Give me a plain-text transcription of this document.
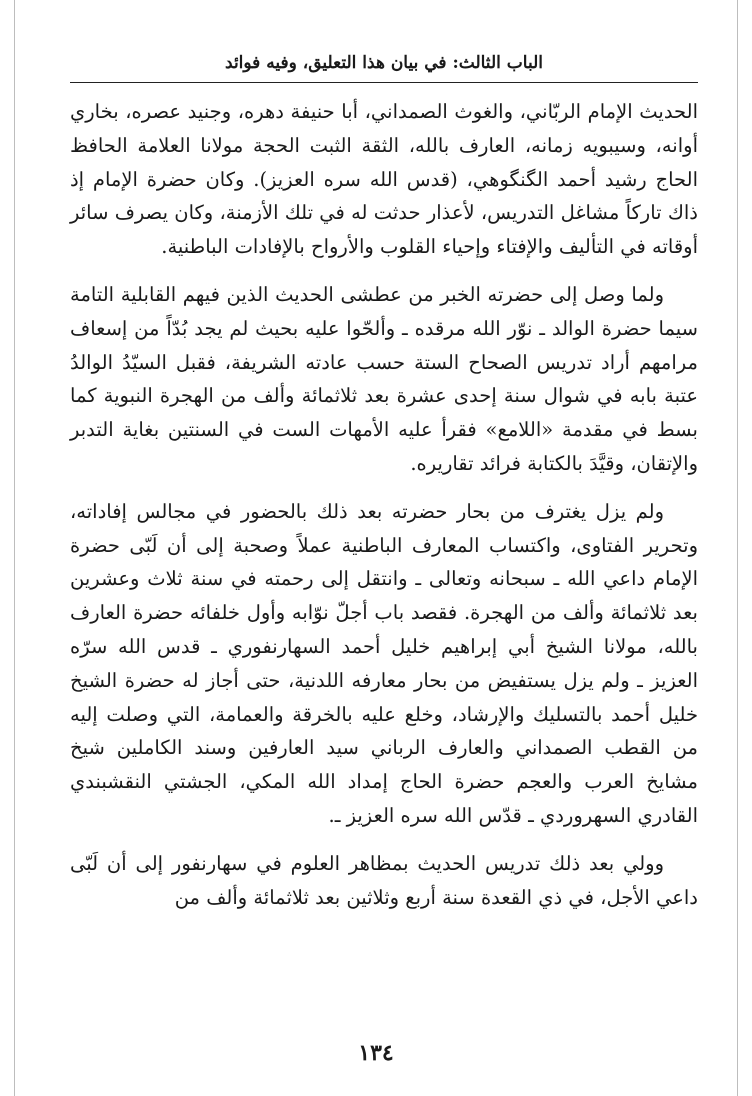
الباب الثالث: في بيان هذا التعليق، وفيه فوائد

الحديث الإمام الربّاني، والغوث الصمداني، أبا حنيفة دهره، وجنيد عصره، بخاري أوانه، وسيبويه زمانه، العارف بالله، الثقة الثبت الحجة مولانا العلامة الحافظ الحاج رشيد أحمد الگنگوهي، (قدس الله سره العزيز). وكان حضرة الإمام إذ ذاك تاركاً مشاغل التدريس، لأعذار حدثت له في تلك الأزمنة، وكان يصرف سائر أوقاته في التأليف والإفتاء وإحياء القلوب والأرواح بالإفادات الباطنية.

ولما وصل إلى حضرته الخبر من عطشى الحديث الذين فيهم القابلية التامة سيما حضرة الوالد ـ نوّر الله مرقده ـ وألحّوا عليه بحيث لم يجد بُدّاً من إسعاف مرامهم أراد تدريس الصحاح الستة حسب عادته الشريفة، فقبل السيّدُ الوالدُ عتبة بابه في شوال سنة إحدى عشرة بعد ثلاثمائة وألف من الهجرة النبوية كما بسط في مقدمة «اللامع» فقرأ عليه الأمهات الست في السنتين بغاية التدبر والإتقان، وقيَّدَ بالكتابة فرائد تقاريره.

ولم يزل يغترف من بحار حضرته بعد ذلك بالحضور في مجالس إفاداته، وتحرير الفتاوى، واكتساب المعارف الباطنية عملاً وصحبة إلى أن لَبّى حضرة الإمام داعي الله ـ سبحانه وتعالى ـ وانتقل إلى رحمته في سنة ثلاث وعشرين بعد ثلاثمائة وألف من الهجرة. فقصد باب أجلّ نوّابه وأول خلفائه حضرة العارف بالله، مولانا الشيخ أبي إبراهيم خليل أحمد السهارنفوري ـ قدس الله سرّه العزيز ـ ولم يزل يستفيض من بحار معارفه اللدنية، حتى أجاز له حضرة الشيخ خليل أحمد بالتسليك والإرشاد، وخلع عليه بالخرقة والعمامة، التي وصلت إليه من القطب الصمداني والعارف الرباني سيد العارفين وسند الكاملين شيخ مشايخ العرب والعجم حضرة الحاج إمداد الله المكي، الجشتي النقشبندي القادري السهروردي ـ قدّس الله سره العزيز ـ.

وولي بعد ذلك تدريس الحديث بمظاهر العلوم في سهارنفور إلى أن لَبّى داعي الأجل، في ذي القعدة سنة أربع وثلاثين بعد ثلاثمائة وألف من

١٣٤
